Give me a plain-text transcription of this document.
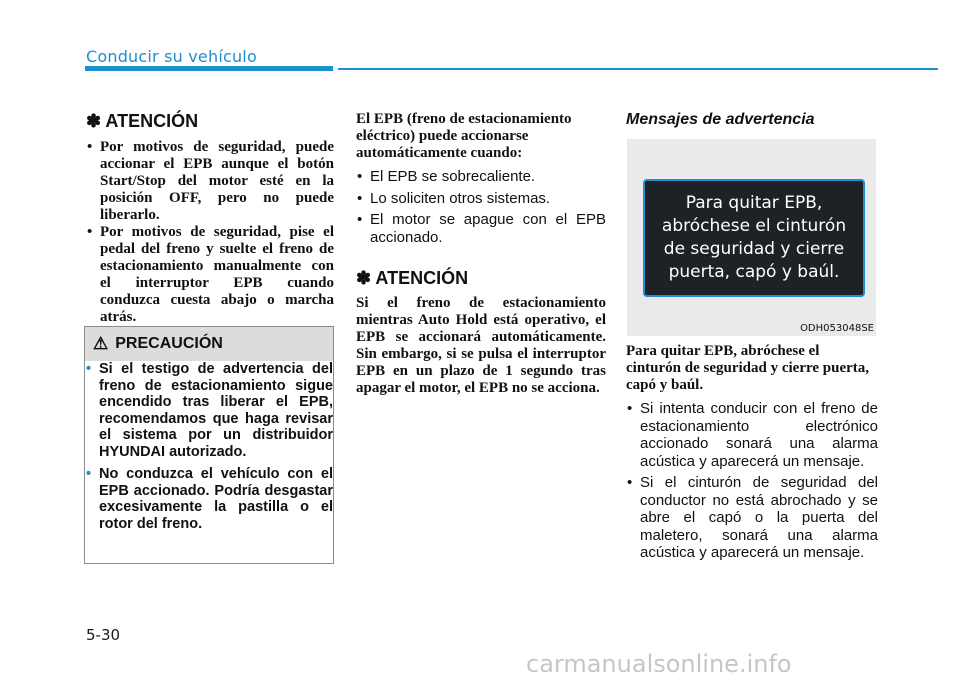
Conducir su vehículo
✽ ATENCIÓN
• Por motivos de seguridad, puede accionar el EPB aunque el botón Start/Stop del motor esté en la posición OFF, pero no puede liberarlo.
• Por motivos de seguridad, pise el pedal del freno y suelte el freno de estacionamiento manualmente con el interruptor EPB cuando conduzca cuesta abajo o marcha atrás.
⚠ PRECAUCIÓN
• Si el testigo de advertencia del freno de estacionamiento sigue encendido tras liberar el EPB, recomendamos que haga revisar el sistema por un distribuidor HYUNDAI autorizado.
• No conduzca el vehículo con el EPB accionado. Podría desgastar excesivamente la pastilla o el rotor del freno.
El EPB (freno de estacionamiento eléctrico) puede accionarse automáticamente cuando:
• El EPB se sobrecaliente.
• Lo soliciten otros sistemas.
• El motor se apague con el EPB accionado.
✽ ATENCIÓN
Si el freno de estacionamiento mientras Auto Hold está operativo, el EPB se accionará automáticamente. Sin embargo, si se pulsa el interruptor EPB en un plazo de 1 segundo tras apagar el motor, el EPB no se acciona.
Mensajes de advertencia
Para quitar EPB,
abróchese el cinturón
de seguridad y cierre
puerta, capó y baúl.
ODH053048SE
Para quitar EPB, abróchese el cinturón de seguridad y cierre puerta, capó y baúl.
• Si intenta conducir con el freno de estacionamiento electrónico accionado sonará una alarma acústica y aparecerá un mensaje.
• Si el cinturón de seguridad del conductor no está abrochado y se abre el capó o la puerta del maletero, sonará una alarma acústica y aparecerá un mensaje.
5-30
carmanualsonline.info
